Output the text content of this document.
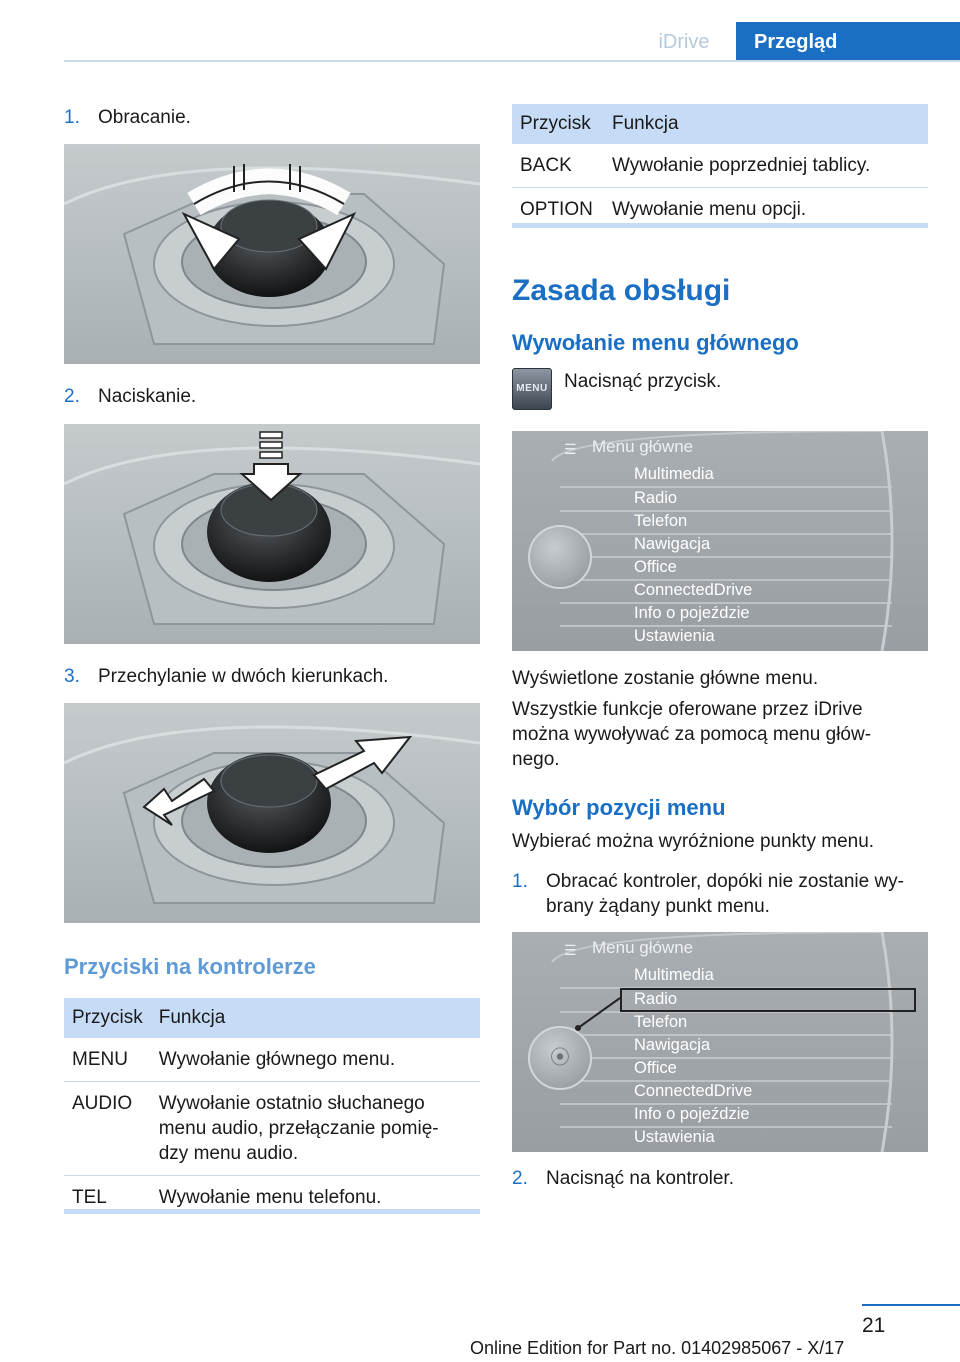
iDrive	Przegląd
1. Obracanie.
2. Naciskanie.
3. Przechylanie w dwóch kierunkach.
Przyciski na kontrolerze
Przycisk	Funkcja
MENU	Wywołanie głównego menu.
AUDIO	Wywołanie ostatnio słuchanego menu audio, przełączanie pomię‐dzy menu audio.
TEL	Wywołanie menu telefonu.
Przycisk	Funkcja
BACK	Wywołanie poprzedniej tablicy.
OPTION	Wywołanie menu opcji.
Zasada obsługi
Wywołanie menu głównego
MENU Nacisnąć przycisk.
☰ Menu główne
Multimedia
Radio
Telefon
Nawigacja
Office
ConnectedDrive
Info o pojeździe
Ustawienia
Wyświetlone zostanie główne menu.
Wszystkie funkcje oferowane przez iDrive
można wywoływać za pomocą menu głów‐
nego.
Wybór pozycji menu
Wybierać można wyróżnione punkty menu.
1. Obracać kontroler, dopóki nie zostanie wy‐
brany żądany punkt menu.
☰ Menu główne
⦿
Multimedia
Radio
Telefon
Nawigacja
Office
ConnectedDrive
Info o pojeździe
Ustawienia
2. Nacisnąć na kontroler.
21
Online Edition for Part no. 01402985067 - X/17
